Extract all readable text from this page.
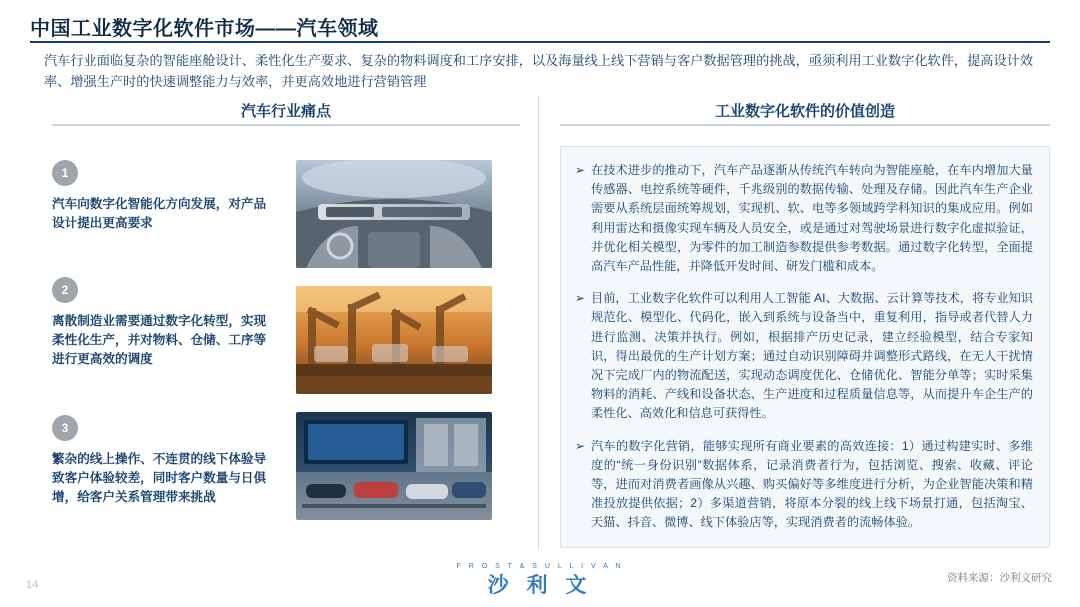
中国工业数字化软件市场——汽车领域
汽车行业面临复杂的智能座舱设计、柔性化生产要求、复杂的物料调度和工序安排，以及海量线上线下营销与客户数据管理的挑战，亟须利用工业数字化软件，提高设计效率、增强生产时的快速调整能力与效率，并更高效地进行营销管理
汽车行业痛点	工业数字化软件的价值创造
1
汽车向数字化智能化方向发展，对产品设计提出更高要求
2
离散制造业需要通过数字化转型，实现柔性化生产，并对物料、仓储、工序等进行更高效的调度
3
繁杂的线上操作、不连贯的线下体验导致客户体验较差，同时客户数量与日俱增，给客户关系管理带来挑战
➢ 在技术进步的推动下，汽车产品逐渐从传统汽车转向为智能座舱，在车内增加大量传感器、电控系统等硬件，千兆级别的数据传输、处理及存储。因此汽车生产企业需要从系统层面统筹规划，实现机、软、电等多领域跨学科知识的集成应用。例如利用雷达和摄像实现车辆及人员安全，或是通过对驾驶场景进行数字化虚拟验证，并优化相关模型，为零件的加工制造参数提供参考数据。通过数字化转型，全面提高汽车产品性能，并降低开发时间、研发门槛和成本。
➢ 目前，工业数字化软件可以利用人工智能 AI、大数据、云计算等技术，将专业知识规范化、模型化、代码化，嵌入到系统与设备当中，重复利用，指导或者代替人力进行监测、决策并执行。例如，根据排产历史记录，建立经验模型，结合专家知识，得出最优的生产计划方案；通过自动识别障碍并调整形式路线，在无人干扰情况下完成厂内的物流配送，实现动态调度优化、仓储优化、智能分单等；实时采集物料的消耗、产线和设备状态、生产进度和过程质量信息等，从而提升车企生产的柔性化、高效化和信息可获得性。
➢ 汽车的数字化营销，能够实现所有商业要素的高效连接：1）通过构建实时、多维度的“统一身份识别”数据体系，记录消费者行为，包括浏览、搜索、收藏、评论等，进而对消费者画像从兴趣、购买偏好等多维度进行分析，为企业智能决策和精准投放提供依据；2）多渠道营销，将原本分裂的线上线下场景打通，包括淘宝、天猫、抖音、微博、线下体验店等，实现消费者的流畅体验。
14
F R O S T & S U L L I V A N
沙 利 文	资料来源：沙利文研究
